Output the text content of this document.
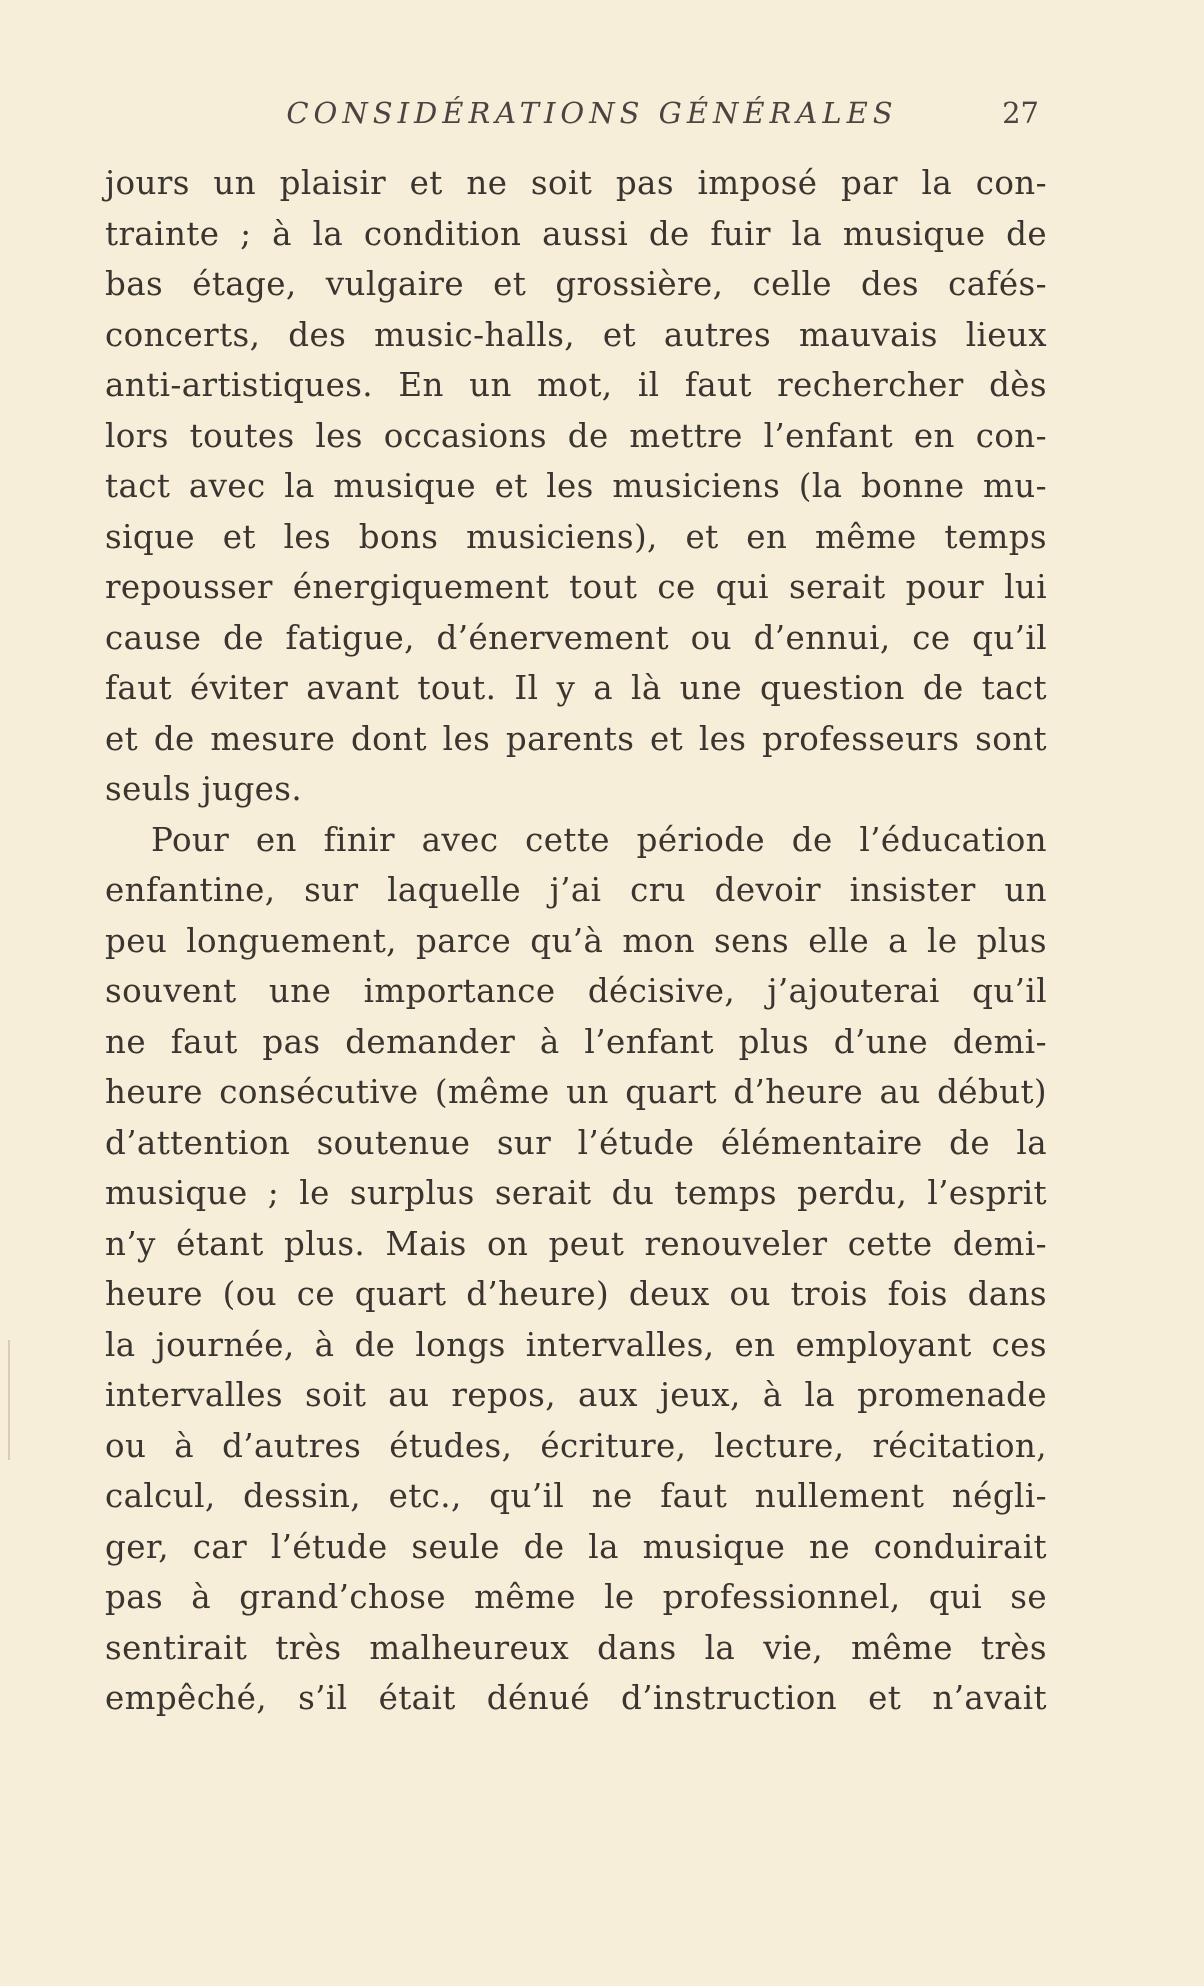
CONSIDÉRATIONS GÉNÉRALES	27
jours un plaisir et ne soit pas imposé par la con-
trainte ; à la condition aussi de fuir la musique de
bas étage, vulgaire et grossière, celle des cafés-
concerts, des music-halls, et autres mauvais lieux
anti-artistiques. En un mot, il faut rechercher dès
lors toutes les occasions de mettre l’enfant en con-
tact avec la musique et les musiciens (la bonne mu-
sique et les bons musiciens), et en même temps
repousser énergiquement tout ce qui serait pour lui
cause de fatigue, d’énervement ou d’ennui, ce qu’il
faut éviter avant tout. Il y a là une question de tact
et de mesure dont les parents et les professeurs sont
seuls juges.
Pour en finir avec cette période de l’éducation
enfantine, sur laquelle j’ai cru devoir insister un
peu longuement, parce qu’à mon sens elle a le plus
souvent une importance décisive, j’ajouterai qu’il
ne faut pas demander à l’enfant plus d’une demi-
heure consécutive (même un quart d’heure au début)
d’attention soutenue sur l’étude élémentaire de la
musique ; le surplus serait du temps perdu, l’esprit
n’y étant plus. Mais on peut renouveler cette demi-
heure (ou ce quart d’heure) deux ou trois fois dans
la journée, à de longs intervalles, en employant ces
intervalles soit au repos, aux jeux, à la promenade
ou à d’autres études, écriture, lecture, récitation,
calcul, dessin, etc., qu’il ne faut nullement négli-
ger, car l’étude seule de la musique ne conduirait
pas à grand’chose même le professionnel, qui se
sentirait très malheureux dans la vie, même très
empêché, s’il était dénué d’instruction et n’avait
